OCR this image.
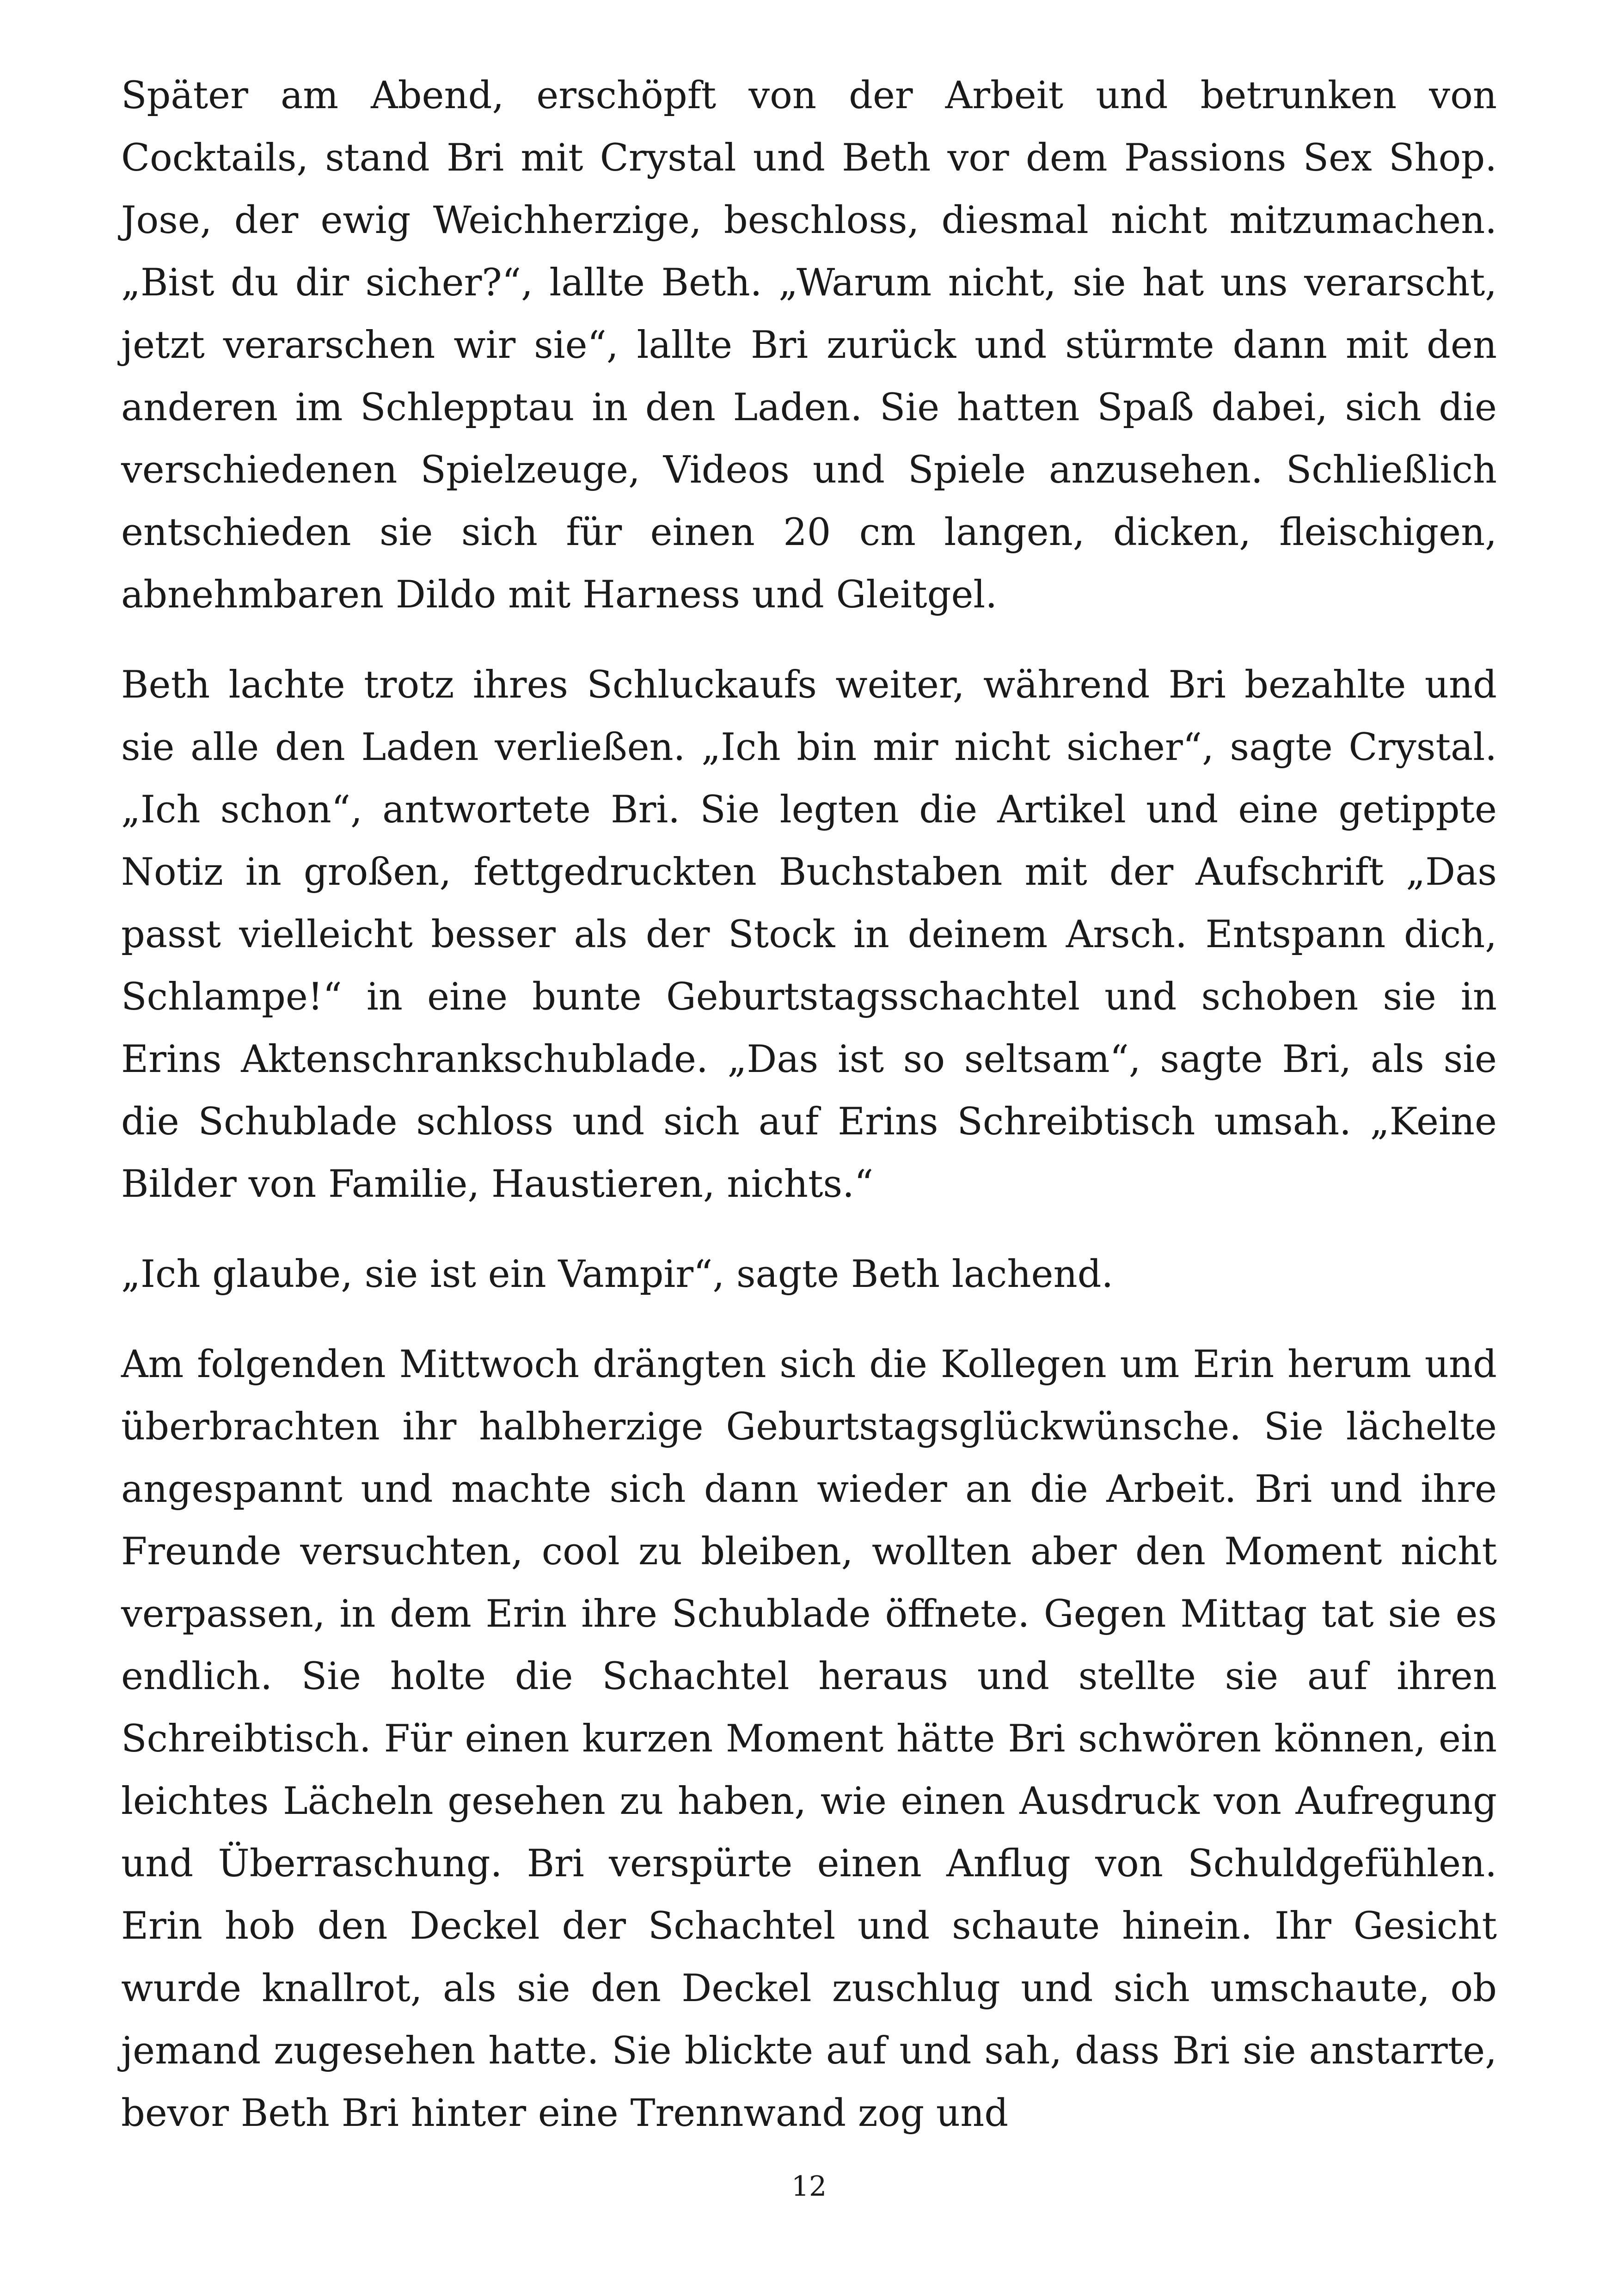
Später am Abend, erschöpft von der Arbeit und betrunken von Cocktails, stand Bri mit Crystal und Beth vor dem Passions Sex Shop. Jose, der ewig Weichherzige, beschloss, diesmal nicht mitzumachen. „Bist du dir sicher?“, lallte Beth. „Warum nicht, sie hat uns verarscht, jetzt verarschen wir sie“, lallte Bri zurück und stürmte dann mit den anderen im Schlepptau in den Laden. Sie hatten Spaß dabei, sich die verschiedenen Spielzeuge, Videos und Spiele anzusehen. Schließlich entschieden sie sich für einen 20 cm langen, dicken, fleischigen, abnehmbaren Dildo mit Harness und Gleitgel.

Beth lachte trotz ihres Schluckaufs weiter, während Bri bezahlte und sie alle den Laden verließen. „Ich bin mir nicht sicher“, sagte Crystal. „Ich schon“, antwortete Bri. Sie legten die Artikel und eine getippte Notiz in großen, fettgedruckten Buchstaben mit der Aufschrift „Das passt vielleicht besser als der Stock in deinem Arsch. Entspann dich, Schlampe!“ in eine bunte Geburtstagsschachtel und schoben sie in Erins Aktenschrankschublade. „Das ist so seltsam“, sagte Bri, als sie die Schublade schloss und sich auf Erins Schreibtisch umsah. „Keine Bilder von Familie, Haustieren, nichts.“

„Ich glaube, sie ist ein Vampir“, sagte Beth lachend.

Am folgenden Mittwoch drängten sich die Kollegen um Erin herum und überbrachten ihr halbherzige Geburtstagsglückwünsche. Sie lächelte angespannt und machte sich dann wieder an die Arbeit. Bri und ihre Freunde versuchten, cool zu bleiben, wollten aber den Moment nicht verpassen, in dem Erin ihre Schublade öffnete. Gegen Mittag tat sie es endlich. Sie holte die Schachtel heraus und stellte sie auf ihren Schreibtisch. Für einen kurzen Moment hätte Bri schwören können, ein leichtes Lächeln gesehen zu haben, wie einen Ausdruck von Aufregung und Überraschung. Bri verspürte einen Anflug von Schuldgefühlen. Erin hob den Deckel der Schachtel und schaute hinein. Ihr Gesicht wurde knallrot, als sie den Deckel zuschlug und sich umschaute, ob jemand zugesehen hatte. Sie blickte auf und sah, dass Bri sie anstarrte, bevor Beth Bri hinter eine Trennwand zog und

12
